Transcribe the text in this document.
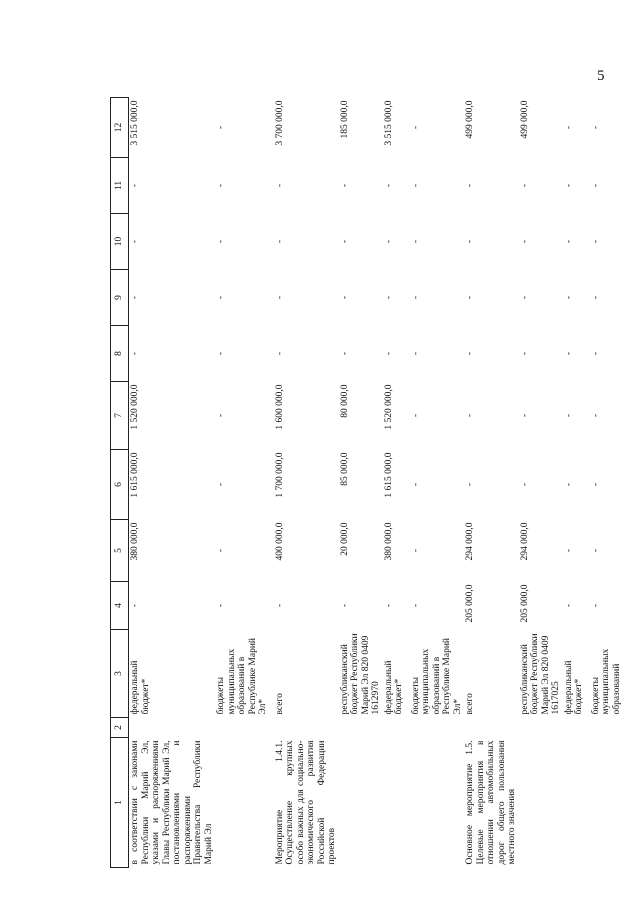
5
1	2	3	4	5	6	7	8	9	10	11	12
в соответствии с законами Республики Марий Эл, указами и распоряжениями Главы Республики Марий Эл, постановлениями и распоряжениями Правительства Республики Марий Эл		федеральный бюджет*	-	380 000,0	1 615 000,0	1 520 000,0	-	-	-	-	3 515 000,0
		бюджеты муниципальных образований в Республике Марий Эл*	-	-	-	-	-	-	-	-	-
Мероприятие 1.4.1. Осуществление крупных особо важных для социально-экономического развития Российской Федерации проектов		всего	-	400 000,0	1 700 000,0	1 600 000,0	-	-	-	-	3 700 000,0
		республиканский бюджет Республики Марий Эл 820 0409 1612970	-	20 000,0	85 000,0	80 000,0	-	-	-	-	185 000,0
		федеральный бюджет*	-	380 000,0	1 615 000,0	1 520 000,0	-	-	-	-	3 515 000,0
		бюджеты муниципальных образований в Республике Марий Эл*	-	-	-	-	-	-	-	-	-
Основное мероприятие 1.5. Целевые мероприятия в отношении автомобильных дорог общего пользования местного значения		всего	205 000,0	294 000,0	-	-	-	-	-	-	499 000,0
		республиканский бюджет Республики Марий Эл 820 0409 1617025	205 000,0	294 000,0	-	-	-	-	-	-	499 000,0
		федеральный бюджет*	-	-	-	-	-	-	-	-	-
		бюджеты муниципальных образований	-	-	-	-	-	-	-	-	-
